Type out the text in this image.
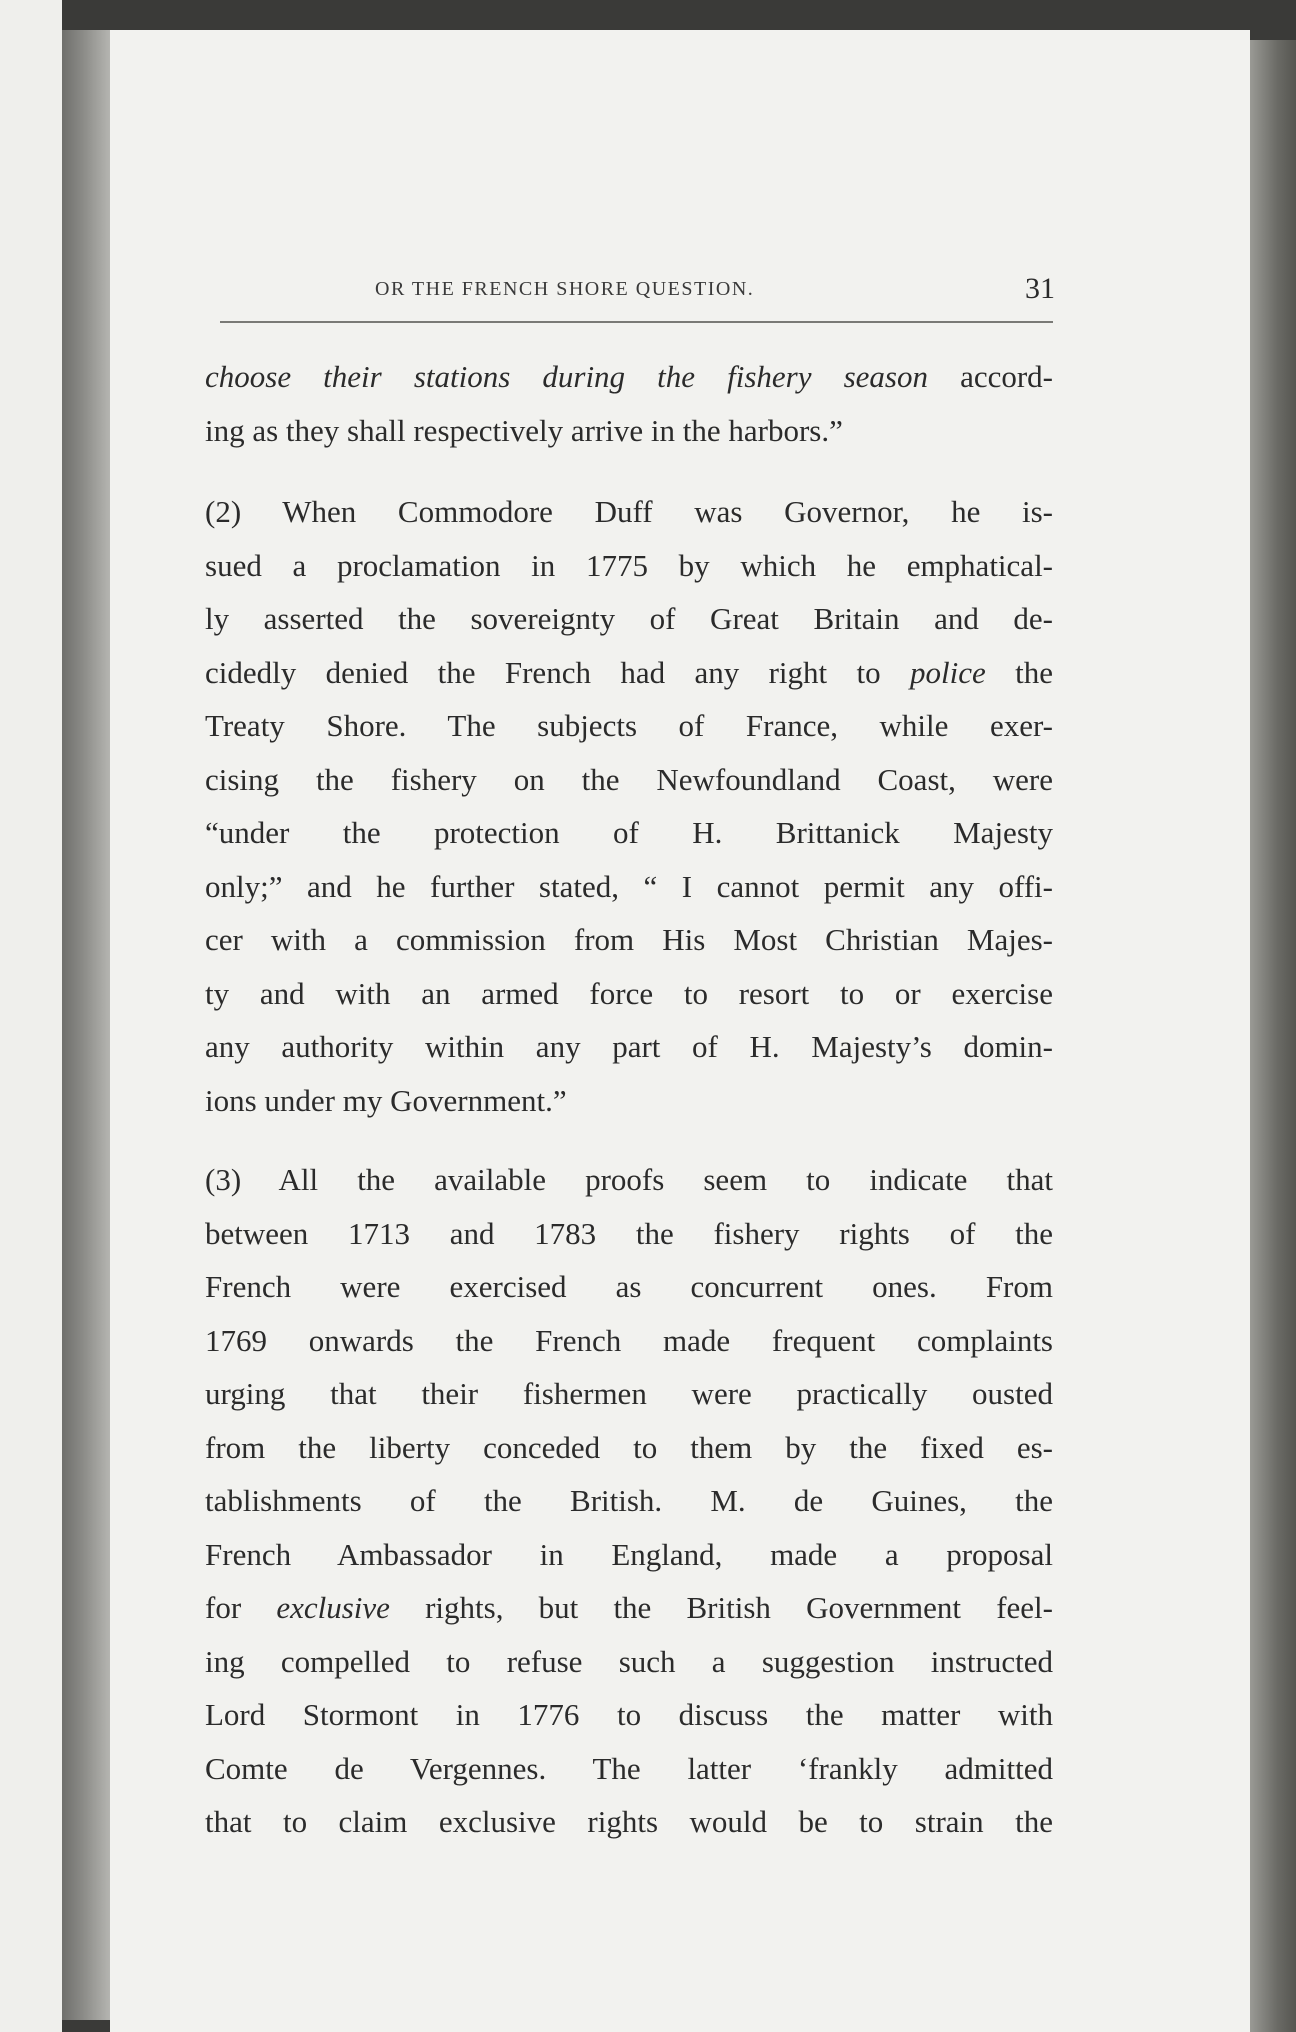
OR THE FRENCH SHORE QUESTION.	31
choose their stations during the fishery season accord-
ing as they shall respectively arrive in the harbors.”
(2) When Commodore Duff was Governor, he is-
sued a proclamation in 1775 by which he emphatical-
ly asserted the sovereignty of Great Britain and de-
cidedly denied the French had any right to police the
Treaty Shore. The subjects of France, while exer-
cising the fishery on the Newfoundland Coast, were
“under the protection of H. Brittanick Majesty
only;” and he further stated, “ I cannot permit any offi-
cer with a commission from His Most Christian Majes-
ty and with an armed force to resort to or exercise
any authority within any part of H. Majesty’s domin-
ions under my Government.”
(3) All the available proofs seem to indicate that
between 1713 and 1783 the fishery rights of the
French were exercised as concurrent ones. From
1769 onwards the French made frequent complaints
urging that their fishermen were practically ousted
from the liberty conceded to them by the fixed es-
tablishments of the British. M. de Guines, the
French Ambassador in England, made a proposal
for exclusive rights, but the British Government feel-
ing compelled to refuse such a suggestion instructed
Lord Stormont in 1776 to discuss the matter with
Comte de Vergennes. The latter ‘frankly admitted
that to claim exclusive rights would be to strain the
